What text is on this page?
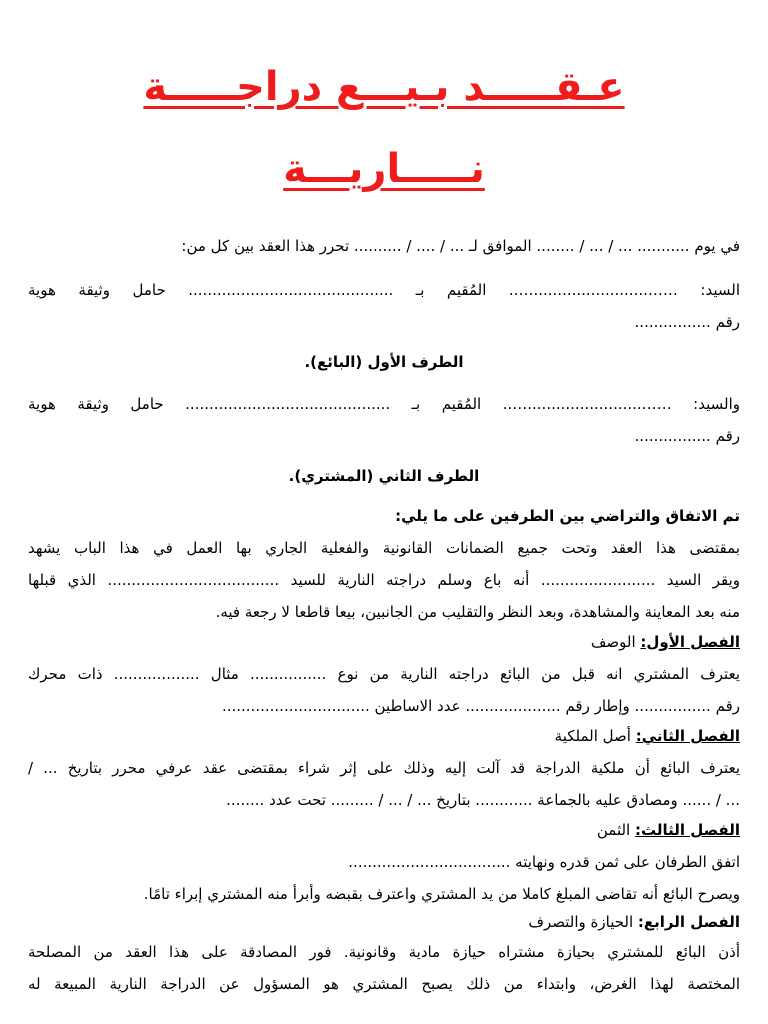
عـقـــــد بـيـــع دراجـــــة
نـــــاريـــة
في يوم ........... ... / ... / ........ الموافق لـ ... / .... / .......... تحرر هذا العقد بين كل من:
السيد: ……........................….. المُقيم بـ ........................................... حامل وثيقة هوية
رقم ................
الطرف الأول (البائع).
والسيد: ……........................….. المُقيم بـ ........................................... حامل وثيقة هوية
رقم ................
الطرف الثاني (المشتري).
تم الاتفاق والتراضي بين الطرفين على ما يلي:
بمقتضى هذا العقد وتحت جميع الضمانات القانونية والفعلية الجاري بها العمل في هذا الباب يشهد
ويقر السيد ........................ أنه باع وسلم دراجته النارية للسيد .................................... الذي قبلها
منه بعد المعاينة والمشاهدة، وبعد النظر والتقليب من الجانبين، بيعا قاطعا لا رجعة فيه.
الفصل الأول: الوصف
يعترف المشتري انه قبل من البائع دراجته النارية من نوع ................ مثال .................. ذات محرك
رقم ................ وإطار رقم .................... عدد الاساطين ...............................
الفصل الثاني: أصل الملكية
يعترف البائع أن ملكية الدراجة قد آلت إليه وذلك على إثر شراء بمقتضى عقد عرفي محرر بتاريخ ... /
... / ...... ومصادق عليه بالجماعة ............ بتاريخ ... / ... / ......... تحت عدد ........
الفصل الثالث: الثمن
اتفق الطرفان على ثمن قدره ونهايته ..................................
ويصرح البائع أنه تقاضى المبلغ كاملا من يد المشتري واعترف بقبضه وأبرأ منه المشتري إبراء تامًا.
الفصل الرابع: الحيازة والتصرف
أذن البائع للمشتري بحيازة مشتراه حيازة مادية وقانونية. فور المصادقة على هذا العقد من المصلحة
المختصة لهذا الغرض، وابتداء من ذلك يصبح المشتري هو المسؤول عن الدراجة النارية المبيعة له
